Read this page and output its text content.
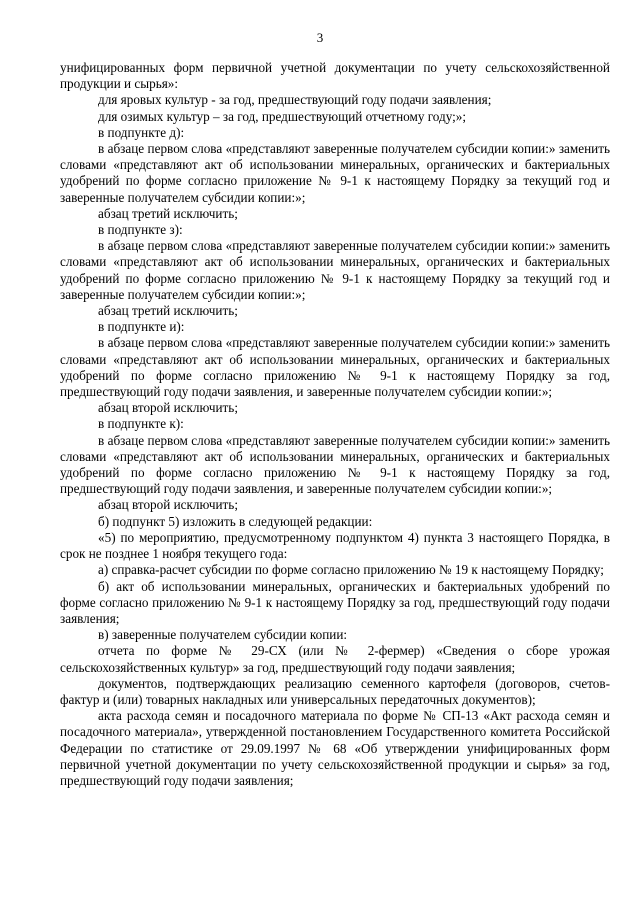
3

унифицированных форм первичной учетной документации по учету сельскохозяйственной продукции и сырья»:

для яровых культур - за год, предшествующий году подачи заявления;

для озимых культур – за год, предшествующий отчетному году;»;

в подпункте д):

в абзаце первом слова «представляют заверенные получателем субсидии копии:» заменить словами «представляют акт об использовании минеральных, органических и бактериальных удобрений по форме согласно приложение № 9-1 к настоящему Порядку за текущий год и заверенные получателем субсидии копии:»;

абзац третий исключить;

в подпункте з):

в абзаце первом слова «представляют заверенные получателем субсидии копии:» заменить словами «представляют акт об использовании минеральных, органических и бактериальных удобрений по форме согласно приложению № 9-1 к настоящему Порядку за текущий год и заверенные получателем субсидии копии:»;

абзац третий исключить;

в подпункте и):

в абзаце первом слова «представляют заверенные получателем субсидии копии:» заменить словами «представляют акт об использовании минеральных, органических и бактериальных удобрений по форме согласно приложению № 9-1 к настоящему Порядку за год, предшествующий году подачи заявления, и заверенные получателем субсидии копии:»;

абзац второй исключить;

в подпункте к):

в абзаце первом слова «представляют заверенные получателем субсидии копии:» заменить словами «представляют акт об использовании минеральных, органических и бактериальных удобрений по форме согласно приложению № 9-1 к настоящему Порядку за год, предшествующий году подачи заявления, и заверенные получателем субсидии копии:»;

абзац второй исключить;

б) подпункт 5) изложить в следующей редакции:

«5) по мероприятию, предусмотренному подпунктом 4) пункта 3 настоящего Порядка, в срок не позднее 1 ноября текущего года:

а) справка-расчет субсидии по форме согласно приложению № 19 к настоящему Порядку;

б) акт об использовании минеральных, органических и бактериальных удобрений по форме согласно приложению № 9-1 к настоящему Порядку за год, предшествующий году подачи заявления;

в) заверенные получателем субсидии копии:

отчета по форме № 29-СХ (или № 2-фермер) «Сведения о сборе урожая сельскохозяйственных культур» за год, предшествующий году подачи заявления;

документов, подтверждающих реализацию семенного картофеля (договоров, счетов-фактур и (или) товарных накладных или универсальных передаточных документов);

акта расхода семян и посадочного материала по форме № СП-13 «Акт расхода семян и посадочного материала», утвержденной постановлением Государственного комитета Российской Федерации по статистике от 29.09.1997 № 68 «Об утверждении унифицированных форм первичной учетной документации по учету сельскохозяйственной продукции и сырья» за год, предшествующий году подачи заявления;
